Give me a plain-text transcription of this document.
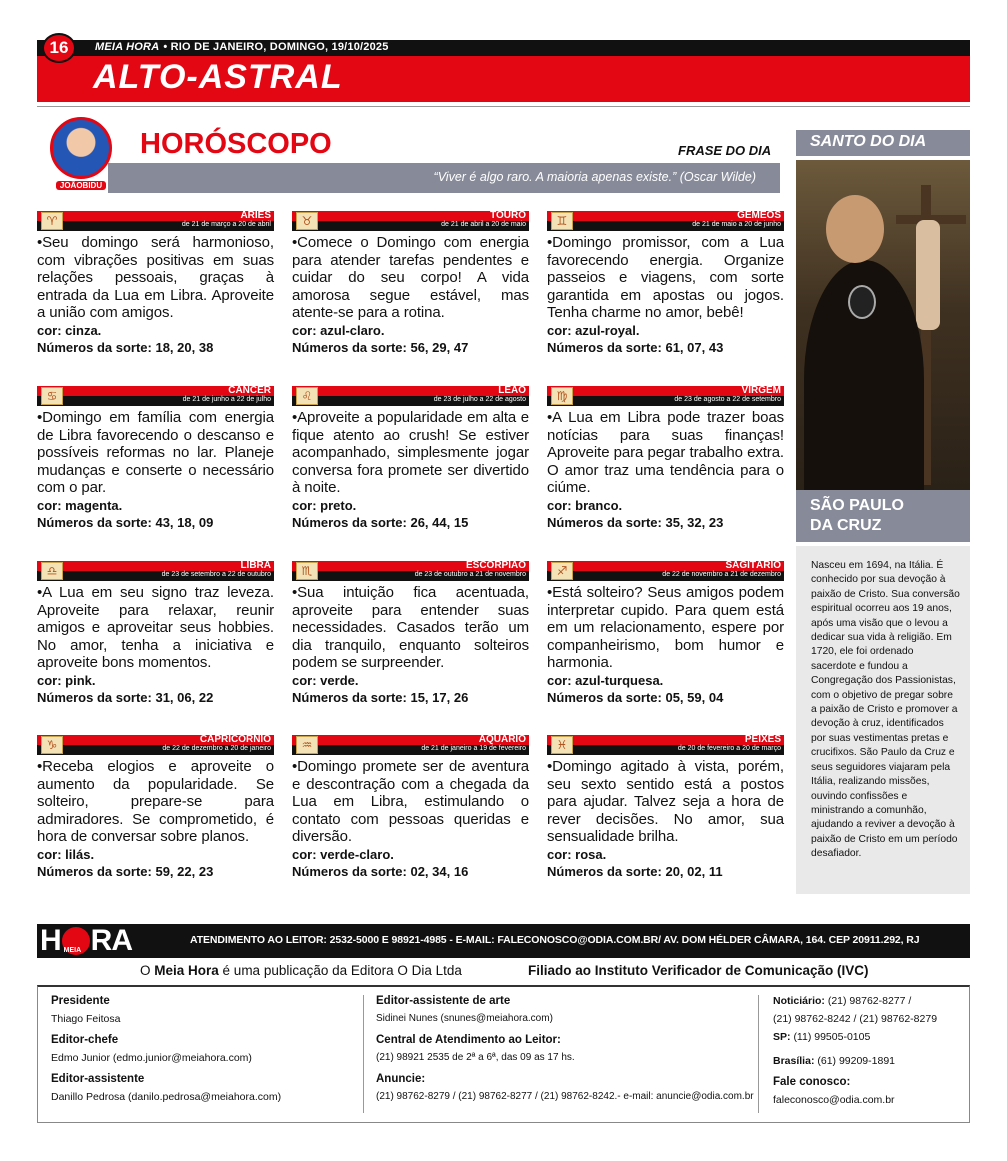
16	MEIA HORA • RIO DE JANEIRO, DOMINGO, 19/10/2025
ALTO-ASTRAL
JOÃOBIDU
HORÓSCOPO	FRASE DO DIA
“Viver é algo raro. A maioria apenas existe.” (Oscar Wilde)
♈	ÁRIES
de 21 de março a 20 de abril
•Seu domingo será harmonioso, com vibrações positivas em suas relações pessoais, graças à entrada da Lua em Libra. Aproveite a união com amigos.
cor: cinza.
Números da sorte: 18, 20, 38
♉	TOURO
de 21 de abril a 20 de maio
•Comece o Domingo com energia para atender tarefas pendentes e cuidar do seu corpo! A vida amorosa segue estável, mas atente-se para a rotina.
cor: azul-claro.
Números da sorte: 56, 29, 47
♊	GÊMEOS
de 21 de maio a 20 de junho
•Domingo promissor, com a Lua favorecendo energia. Organize passeios e viagens, com sorte garantida em apostas ou jogos. Tenha charme no amor, bebê!
cor: azul-royal.
Números da sorte: 61, 07, 43
♋	CÂNCER
de 21 de junho a 22 de julho
•Domingo em família com energia de Libra favorecendo o descanso e possíveis reformas no lar. Planeje mudanças e conserte o necessário com o par.
cor: magenta.
Números da sorte: 43, 18, 09
♌	LEÃO
de 23 de julho a 22 de agosto
•Aproveite a popularidade em alta e fique atento ao crush! Se estiver acompanhado, simplesmente jogar conversa fora promete ser divertido à noite.
cor: preto.
Números da sorte: 26, 44, 15
♍	VIRGEM
de 23 de agosto a 22 de setembro
•A Lua em Libra pode trazer boas notícias para suas finanças! Aproveite para pegar trabalho extra. O amor traz uma tendência para o ciúme.
cor: branco.
Números da sorte: 35, 32, 23
♎	LIBRA
de 23 de setembro a 22 de outubro
•A Lua em seu signo traz leveza. Aproveite para relaxar, reunir amigos e aproveitar seus hobbies. No amor, tenha a iniciativa e aproveite bons momentos.
cor: pink.
Números da sorte: 31, 06, 22
♏	ESCORPIÃO
de 23 de outubro a 21 de novembro
•Sua intuição fica acentuada, aproveite para entender suas necessidades. Casados terão um dia tranquilo, enquanto solteiros podem se surpreender.
cor: verde.
Números da sorte: 15, 17, 26
♐	SAGITÁRIO
de 22 de novembro a 21 de dezembro
•Está solteiro? Seus amigos podem interpretar cupido. Para quem está em um relacionamento, espere por companheirismo, bom humor e harmonia.
cor: azul-turquesa.
Números da sorte: 05, 59, 04
♑	CAPRICÓRNIO
de 22 de dezembro a 20 de janeiro
•Receba elogios e aproveite o aumento da popularidade. Se solteiro, prepare-se para admiradores. Se comprometido, é hora de conversar sobre planos.
cor: lilás.
Números da sorte: 59, 22, 23
♒	AQUÁRIO
de 21 de janeiro a 19 de fevereiro
•Domingo promete ser de aventura e descontração com a chegada da Lua em Libra, estimulando o contato com pessoas queridas e diversão.
cor: verde-claro.
Números da sorte: 02, 34, 16
♓	PEIXES
de 20 de fevereiro a 20 de março
•Domingo agitado à vista, porém, seu sexto sentido está a postos para ajudar. Talvez seja a hora de rever decisões. No amor, sua sensualidade brilha.
cor: rosa.
Números da sorte: 20, 02, 11
SANTO DO DIA
SÃO PAULO
DA CRUZ
Nasceu em 1694, na Itália. É conhecido por sua devoção à paixão de Cristo. Sua conversão espiritual ocorreu aos 19 anos, após uma visão que o levou a dedicar sua vida à religião. Em 1720, ele foi ordenado sacerdote e fundou a Congregação dos Passionistas, com o objetivo de pregar sobre a paixão de Cristo e promover a devoção à cruz, identificados por suas vestimentas pretas e crucifixos. São Paulo da Cruz e seus seguidores viajaram pela Itália, realizando missões, ouvindo confissões e ministrando a comunhão, ajudando a reviver a devoção à paixão de Cristo em um período desafiador.
H MEIA RA	ATENDIMENTO AO LEITOR: 2532-5000 E 98921-4985 - E-MAIL: FALECONOSCO@ODIA.COM.BR/ AV. DOM HÉLDER CÂMARA, 164. CEP 20911.292, RJ
O Meia Hora é uma publicação da Editora O Dia Ltda	Filiado ao Instituto Verificador de Comunicação (IVC)
Presidente
Thiago Feitosa
Editor-chefe
Edmo Junior (edmo.junior@meiahora.com)
Editor-assistente
Danillo Pedrosa (danilo.pedrosa@meiahora.com)
Editor-assistente de arte
Sidinei Nunes (snunes@meiahora.com)
Central de Atendimento ao Leitor:
(21) 98921 2535 de 2ª a 6ª, das 09 as 17 hs.
Anuncie:
(21) 98762-8279 / (21) 98762-8277 / (21) 98762-8242.- e-mail: anuncie@odia.com.br
Noticiário: (21) 98762-8277 /
(21) 98762-8242 / (21) 98762-8279
SP: (11) 99505-0105
Brasília: (61) 99209-1891
Fale conosco:
faleconosco@odia.com.br
